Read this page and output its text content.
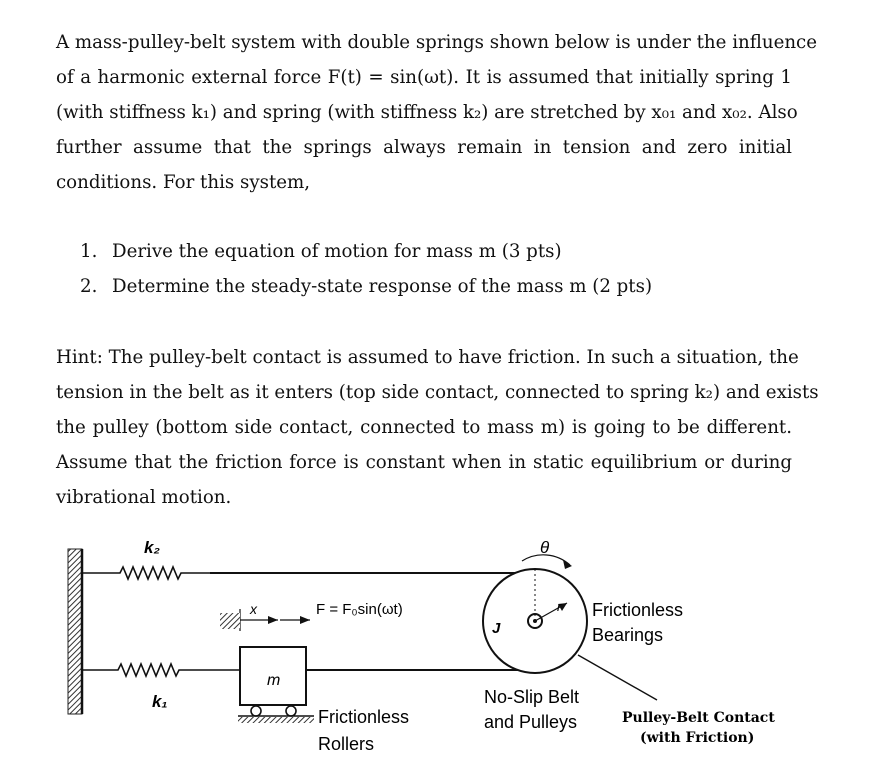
A mass-pulley-belt system with double springs shown below is under the influence
of a harmonic external force F(t) = sin(ωt). It is assumed that initially spring 1
(with stiffness k₁) and spring (with stiffness k₂) are stretched by x₀₁ and x₀₂. Also
further assume that the springs always remain in tension and zero initial
conditions. For this system,
1. Derive the equation of motion for mass m (3 pts)
2. Determine the steady-state response of the mass m (2 pts)
Hint: The pulley-belt contact is assumed to have friction. In such a situation, the
tension in the belt as it enters (top side contact, connected to spring k₂) and exists
the pulley (bottom side contact, connected to mass m) is going to be different.
Assume that the friction force is constant when in static equilibrium or during
vibrational motion.
k₂
k₁
m
x	F = F₀sin(ωt)	r
θ
J
Frictionless Bearings
Frictionless Rollers
No-Slip Belt and Pulleys	Pulley-Belt Contact (with Friction)
